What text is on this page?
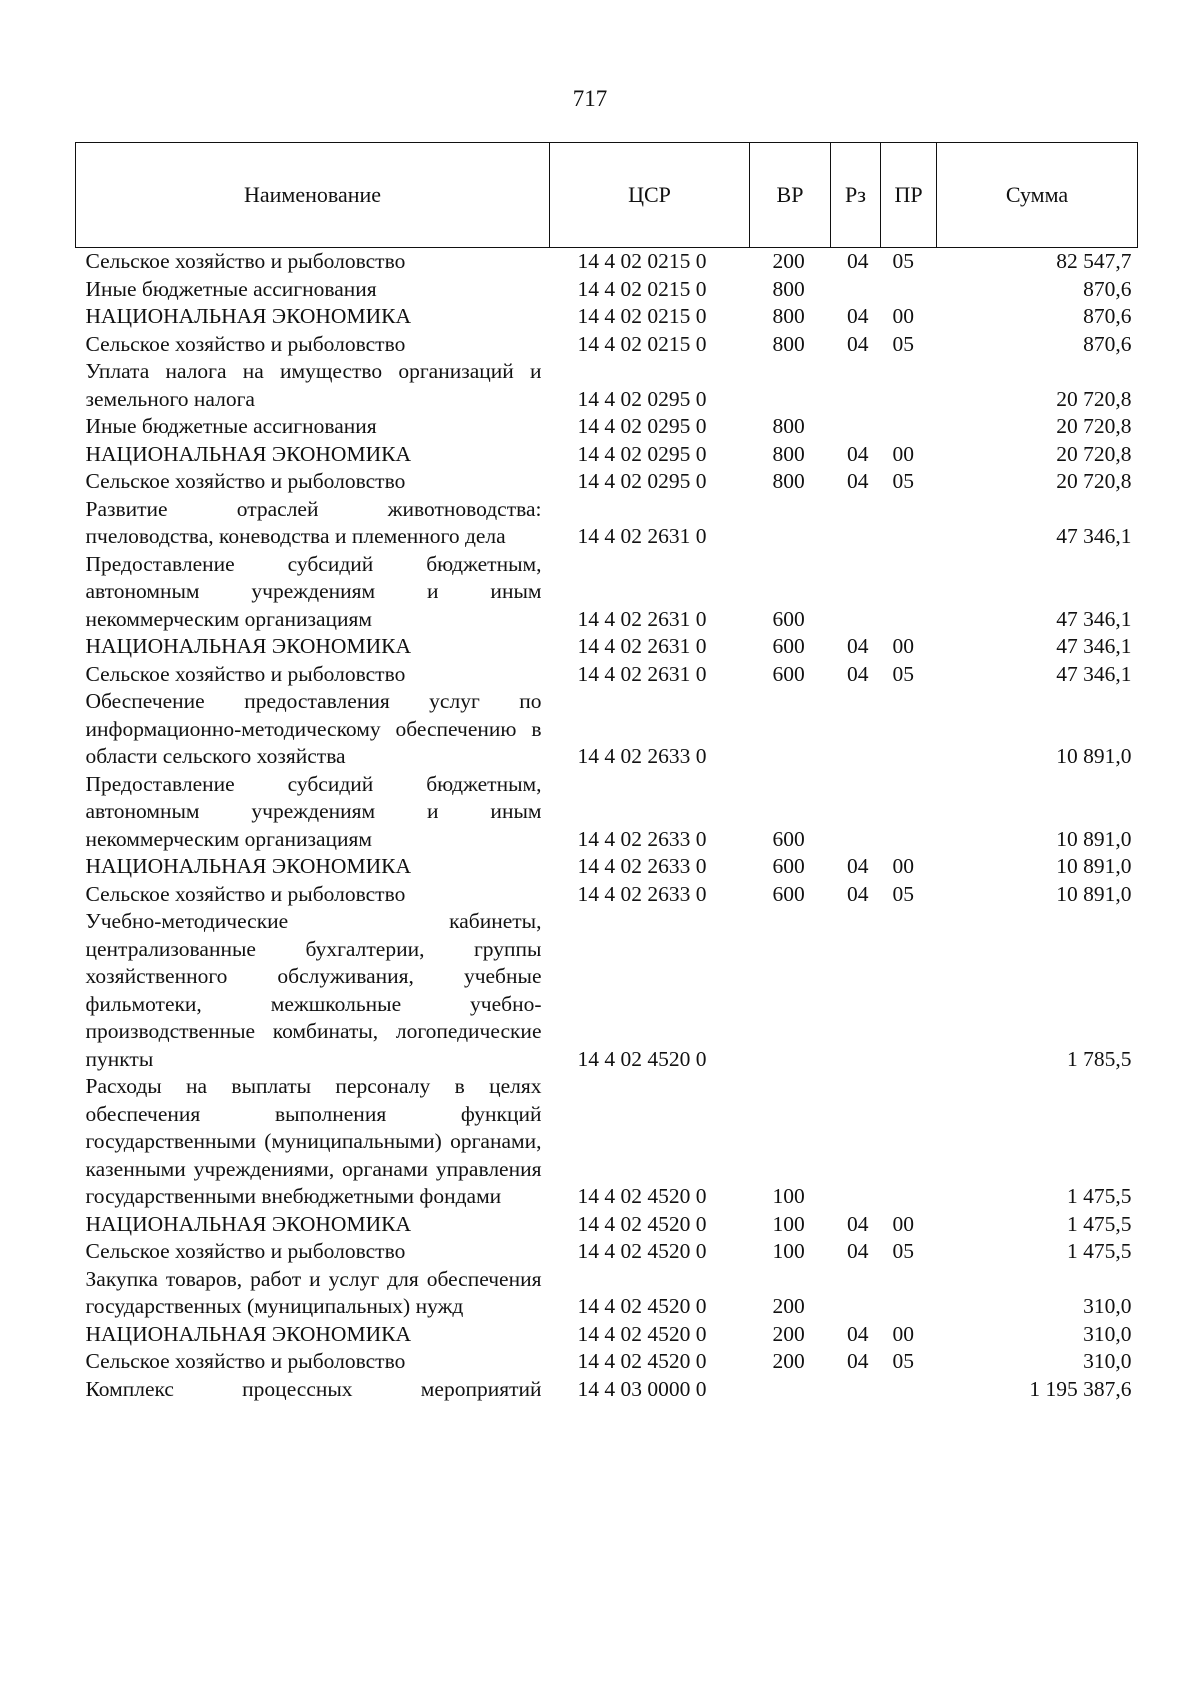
717
Наименование	ЦСР	ВР	Рз	ПР	Сумма
Сельское хозяйство и рыболовство	14 4 02 0215 0	200	04	05	82 547,7
Иные бюджетные ассигнования	14 4 02 0215 0	800			870,6
НАЦИОНАЛЬНАЯ ЭКОНОМИКА	14 4 02 0215 0	800	04	00	870,6
Сельское хозяйство и рыболовство	14 4 02 0215 0	800	04	05	870,6
Уплата налога на имущество организаций и земельного налога	14 4 02 0295 0				20 720,8
Иные бюджетные ассигнования	14 4 02 0295 0	800			20 720,8
НАЦИОНАЛЬНАЯ ЭКОНОМИКА	14 4 02 0295 0	800	04	00	20 720,8
Сельское хозяйство и рыболовство	14 4 02 0295 0	800	04	05	20 720,8
Развитие отраслей животноводства: пчеловодства, коневодства и племенного дела	14 4 02 2631 0				47 346,1
Предоставление субсидий бюджетным, автономным учреждениям и иным некоммерческим организациям	14 4 02 2631 0	600			47 346,1
НАЦИОНАЛЬНАЯ ЭКОНОМИКА	14 4 02 2631 0	600	04	00	47 346,1
Сельское хозяйство и рыболовство	14 4 02 2631 0	600	04	05	47 346,1
Обеспечение предоставления услуг по информационно-методическому обеспечению в области сельского хозяйства	14 4 02 2633 0				10 891,0
Предоставление субсидий бюджетным, автономным учреждениям и иным некоммерческим организациям	14 4 02 2633 0	600			10 891,0
НАЦИОНАЛЬНАЯ ЭКОНОМИКА	14 4 02 2633 0	600	04	00	10 891,0
Сельское хозяйство и рыболовство	14 4 02 2633 0	600	04	05	10 891,0
Учебно-методические кабинеты, централизованные бухгалтерии, группы хозяйственного обслуживания, учебные фильмотеки, межшкольные учебно-производственные комбинаты, логопедические пункты	14 4 02 4520 0				1 785,5
Расходы на выплаты персоналу в целях обеспечения выполнения функций государственными (муниципальными) органами, казенными учреждениями, органами управления государственными внебюджетными фондами	14 4 02 4520 0	100			1 475,5
НАЦИОНАЛЬНАЯ ЭКОНОМИКА	14 4 02 4520 0	100	04	00	1 475,5
Сельское хозяйство и рыболовство	14 4 02 4520 0	100	04	05	1 475,5
Закупка товаров, работ и услуг для обеспечения государственных (муниципальных) нужд	14 4 02 4520 0	200			310,0
НАЦИОНАЛЬНАЯ ЭКОНОМИКА	14 4 02 4520 0	200	04	00	310,0
Сельское хозяйство и рыболовство	14 4 02 4520 0	200	04	05	310,0
Комплекс процессных мероприятий	14 4 03 0000 0				1 195 387,6
